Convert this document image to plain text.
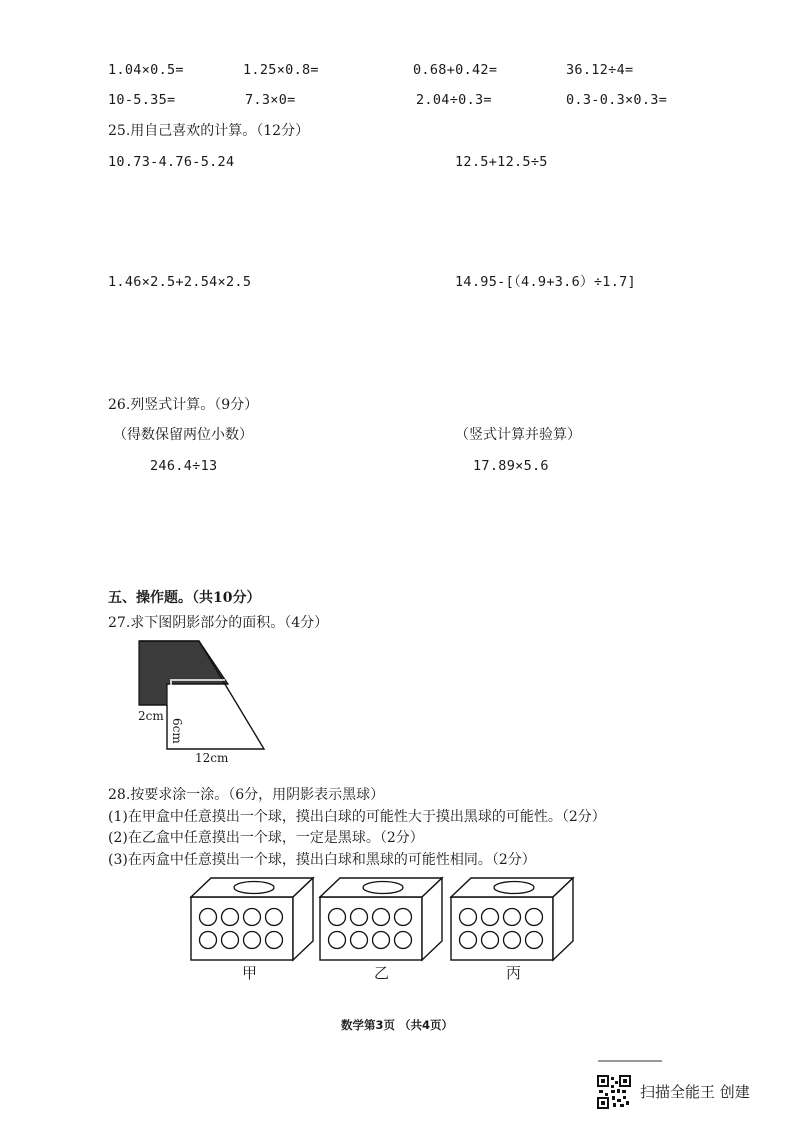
1.04×0.5=	1.25×0.8=	0.68+0.42=	36.12÷4=
10-5.35=	7.3×0=	2.04÷0.3=	0.3-0.3×0.3=
25.用自己喜欢的计算。（12分）
10.73-4.76-5.24	12.5+12.5÷5
1.46×2.5+2.54×2.5	14.95-[（4.9+3.6）÷1.7]
26.列竖式计算。（9分）
（得数保留两位小数）	（竖式计算并验算）
246.4÷13	17.89×5.6
五、操作题。（共10分）
27.求下图阴影部分的面积。（4分）
2cm
6cm
12cm
28.按要求涂一涂。（6分，用阴影表示黑球）
(1)在甲盒中任意摸出一个球，摸出白球的可能性大于摸出黑球的可能性。（2分）
(2)在乙盒中任意摸出一个球，一定是黑球。（2分）
(3)在丙盒中任意摸出一个球，摸出白球和黑球的可能性相同。（2分）
甲	乙	丙
数学第3页 （共4页）
扫描全能王 创建
